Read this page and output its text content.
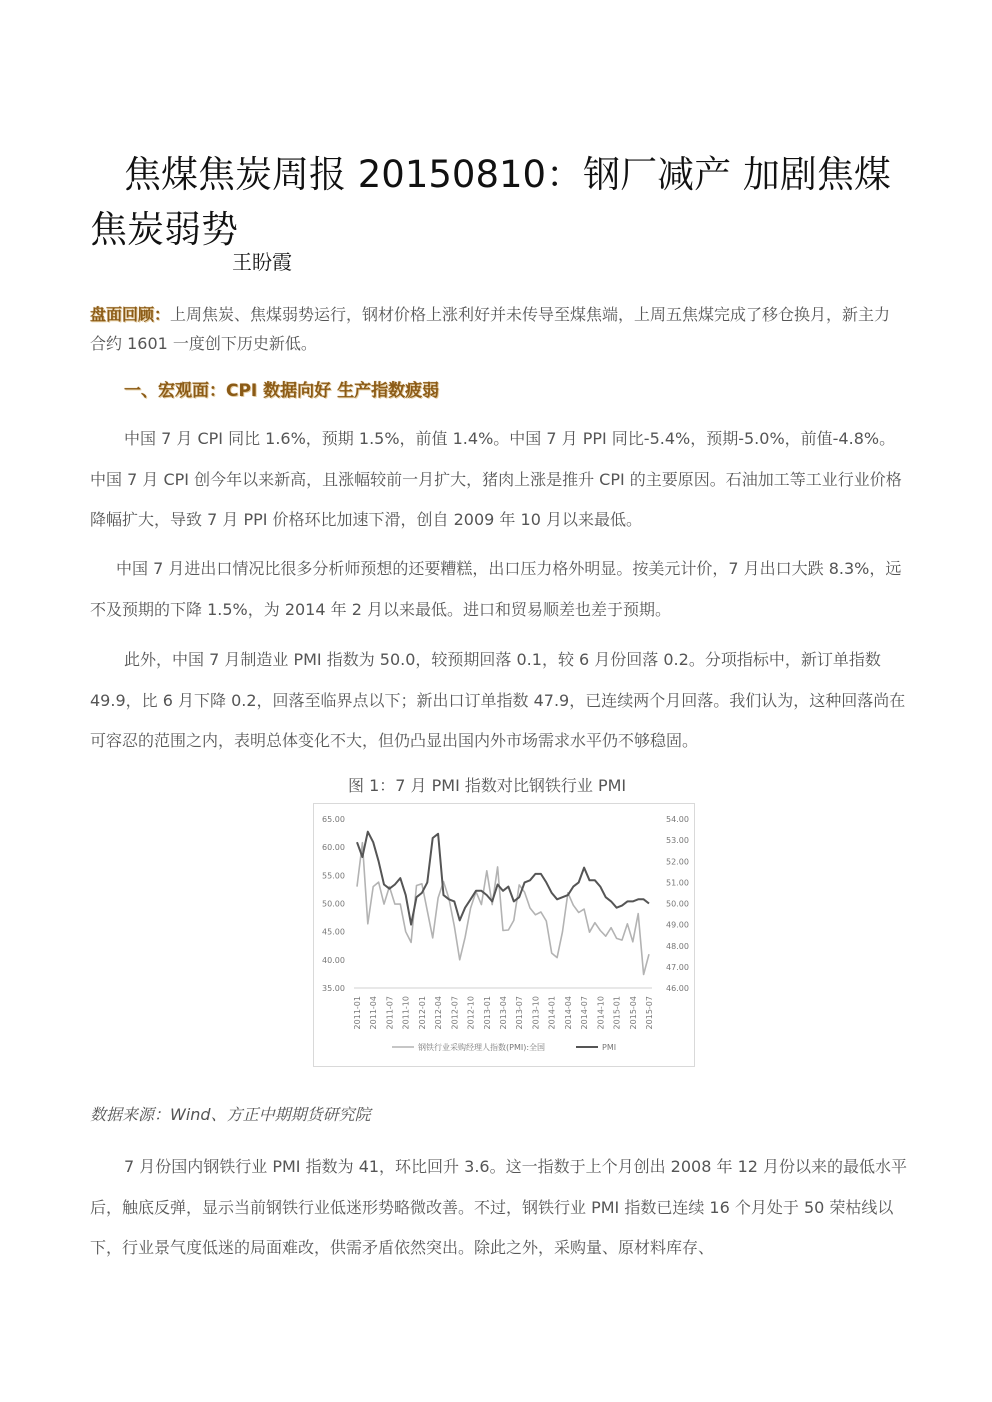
焦煤焦炭周报 20150810：钢厂减产 加剧焦煤
焦炭弱势
王盼霞

盘面回顾：上周焦炭、焦煤弱势运行，钢材价格上涨利好并未传导至煤焦端，上周五焦煤完成了移仓换月，新主力合约 1601 一度创下历史新低。

一、宏观面：CPI 数据向好 生产指数疲弱

中国 7 月 CPI 同比 1.6%，预期 1.5%，前值 1.4%。中国 7 月 PPI 同比-5.4%，预期-5.0%，前值-4.8%。中国 7 月 CPI 创今年以来新高，且涨幅较前一月扩大，猪肉上涨是推升 CPI 的主要原因。石油加工等工业行业价格降幅扩大，导致 7 月 PPI 价格环比加速下滑，创自 2009 年 10 月以来最低。

中国 7 月进出口情况比很多分析师预想的还要糟糕，出口压力格外明显。按美元计价，7 月出口大跌 8.3%，远不及预期的下降 1.5%，为 2014 年 2 月以来最低。进口和贸易顺差也差于预期。

此外，中国 7 月制造业 PMI 指数为 50.0，较预期回落 0.1，较 6 月份回落 0.2。分项指标中，新订单指数 49.9，比 6 月下降 0.2，回落至临界点以下；新出口订单指数 47.9，已连续两个月回落。我们认为，这种回落尚在可容忍的范围之内，表明总体变化不大，但仍凸显出国内外市场需求水平仍不够稳固。

图 1：7 月 PMI 指数对比钢铁行业 PMI
65.00
60.00
55.00
50.00
45.00
40.00
35.00
54.00
53.00
52.00
51.00
50.00
49.00
48.00
47.00
46.00
2011-01 2011-04 2011-07 2011-10 2012-01 2012-04 2012-07 2012-10 2013-01 2013-04 2013-07 2013-10 2014-01 2014-04 2014-07 2014-10 2015-01 2015-04 2015-07
钢铁行业采购经理人指数(PMI):全国	PMI
数据来源：Wind、方正中期期货研究院

7 月份国内钢铁行业 PMI 指数为 41，环比回升 3.6。这一指数于上个月创出 2008 年 12 月份以来的最低水平后，触底反弹，显示当前钢铁行业低迷形势略微改善。不过，钢铁行业 PMI 指数已连续 16 个月处于 50 荣枯线以下，行业景气度低迷的局面难改，供需矛盾依然突出。除此之外，采购量、原材料库存、
